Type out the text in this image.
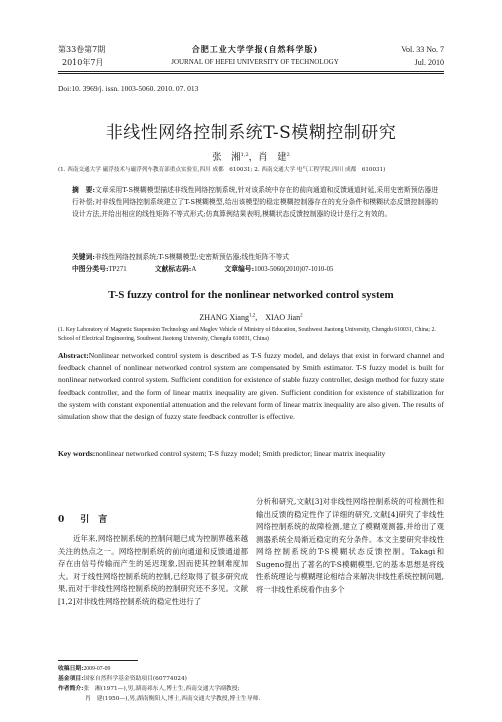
第33卷第7期
2010年7月
合肥工业大学学报(自然科学版)
JOURNAL OF HEFEI UNIVERSITY OF TECHNOLOGY
Vol. 33 No. 7
Jul. 2010
Doi:10. 3969/j. issn. 1003-5060. 2010. 07. 013
非线性网络控制系统T-S模糊控制研究
张　湘$^{1,2}$，肖　建$^2$
(1. 西南交通大学 磁浮技术与磁浮列车教育部重点实验室,四川 成都　610031; 2. 西南交通大学 电气工程学院,四川 成都　610031)
摘　要:文章采用T-S模糊模型描述非线性网络控制系统,针对该系统中存在的前向通道和反馈通道时延,采用史密斯预估器进行补偿;对非线性网络控制系统建立了T-S模糊模型,给出该模型的稳定模糊控制器存在的充分条件和模糊状态反馈控制器的设计方法,并给出相应的线性矩阵不等式形式;仿真算例结果表明,模糊状态反馈控制器的设计是行之有效的。
关键词:非线性网络控制系统;T-S模糊模型;史密斯预估器;线性矩阵不等式
中图分类号:TP271	文献标志码:A	文章编号:1003-5060(2010)07-1010-05
T-S fuzzy control for the nonlinear networked control system
ZHANG Xiang$^{1,2}$,　XIAO Jian$^2$
(1. Key Laboratory of Magnetic Suspension Technology and Maglev Vehicle of Ministry of Education, Southwest Jiaotong University, Chengdu 610031, China; 2. School of Electrical Engineering, Southwest Jiaotong University, Chengdu 610031, China)
Abstract:Nonlinear networked control system is described as T-S fuzzy model, and delays that exist in forward channel and feedback channel of nonlinear networked control system are compensated by Smith estimator. T-S fuzzy model is built for nonlinear networked control system. Sufficient condition for existence of stable fuzzy controller, design method for fuzzy state feedback controller, and the form of linear matrix inequality are given. Sufficient condition for existence of stabilization for the system with constant exponential attenuation and the relevant form of linear matrix inequality are also given. The results of simulation show that the design of fuzzy state feedback controller is effective.
Key words:nonlinear networked control system; T-S fuzzy model; Smith predictor; linear matrix inequality
0 引　言
近年来,网络控制系统的控制问题已成为控制界越来越关注的热点之一。网络控制系统的前向通道和反馈通道都存在由信号传输而产生的延迟现象,因而使其控制难度加大。对于线性网络控制系统的控制,已经取得了很多研究成果,而对于非线性网络控制系统的控制研究还不多见。文献[1,2]对非线性网络控制系统的稳定性进行了
分析和研究,文献[3]对非线性网络控制系统的可检测性和输出反馈的稳定性作了详细的研究,文献[4]研究了非线性网络控制系统的故障检测,建立了模糊观测器,并给出了观测器系统全局渐近稳定的充分条件。本文主要研究非线性网络控制系统的T-S模糊状态反馈控制。Takagi和Sugeno提出了著名的T-S模糊模型,它的基本思想是将线性系统理论与模糊理论相结合来解决非线性系统控制问题,将一非线性系统看作由多个
收稿日期:2009-07-09
基金项目:国家自然科学基金资助项目(60774024)
作者简介:张　湘(1971—),男,湖南祁东人,博士生,西南交通大学副教授;
肖　建(1950—),男,湖南衡阳人,博士,西南交通大学教授,博士生导师.
